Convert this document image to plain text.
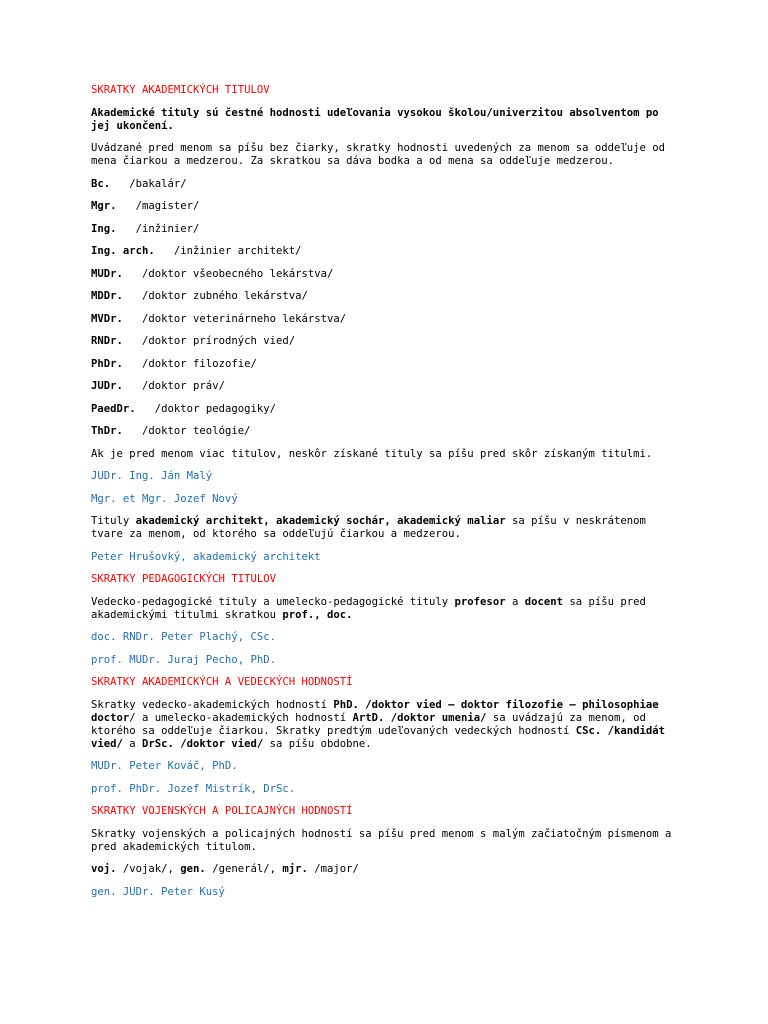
SKRATKY AKADEMICKÝCH TITULOV

Akademické tituly sú čestné hodnosti udeľovania vysokou školou/univerzitou absolventom po jej ukončení.

Uvádzané pred menom sa píšu bez čiarky, skratky hodnosti uvedených za menom sa oddeľuje od mena čiarkou a medzerou. Za skratkou sa dáva bodka a od mena sa oddeľuje medzerou.

Bc. /bakalár/

Mgr. /magister/

Ing. /inžinier/

Ing. arch. /inžinier architekt/

MUDr. /doktor všeobecného lekárstva/

MDDr. /doktor zubného lekárstva/

MVDr. /doktor veterinárneho lekárstva/

RNDr. /doktor prírodných vied/

PhDr. /doktor filozofie/

JUDr. /doktor práv/

PaedDr. /doktor pedagogiky/

ThDr. /doktor teológie/

Ak je pred menom viac titulov, neskôr získané tituly sa píšu pred skôr získaným titulmi.

JUDr. Ing. Ján Malý

Mgr. et Mgr. Jozef Nový

Tituly akademický architekt, akademický sochár, akademický maliar sa píšu v neskrátenom tvare za menom, od ktorého sa oddeľujú čiarkou a medzerou.

Peter Hrušovký, akademický architekt

SKRATKY PEDAGOGICKÝCH TITULOV

Vedecko-pedagogické tituly a umelecko-pedagogické tituly profesor a docent sa píšu pred akademickými titulmi skratkou prof., doc.

doc. RNDr. Peter Plachý, CSc.

prof. MUDr. Juraj Pecho, PhD.

SKRATKY AKADEMICKÝCH A VEDECKÝCH HODNOSTÍ

Skratky vedecko-akademických hodností PhD. /doktor vied – doktor filozofie – philosophiae doctor/ a umelecko-akademických hodností ArtD. /doktor umenia/ sa uvádzajú za menom, od ktorého sa oddeľuje čiarkou. Skratky predtým udeľovaných vedeckých hodností CSc. /kandidát vied/ a DrSc. /doktor vied/ sa píšu obdobne.

MUDr. Peter Kováč, PhD.

prof. PhDr. Jozef Mistrík, DrSc.

SKRATKY VOJENSKÝCH A POLICAJNÝCH HODNOSTÍ

Skratky vojenských a policajných hodností sa píšu pred menom s malým začiatočným písmenom a pred akademických titulom.

voj. /vojak/, gen. /generál/, mjr. /major/

gen. JUDr. Peter Kusý
